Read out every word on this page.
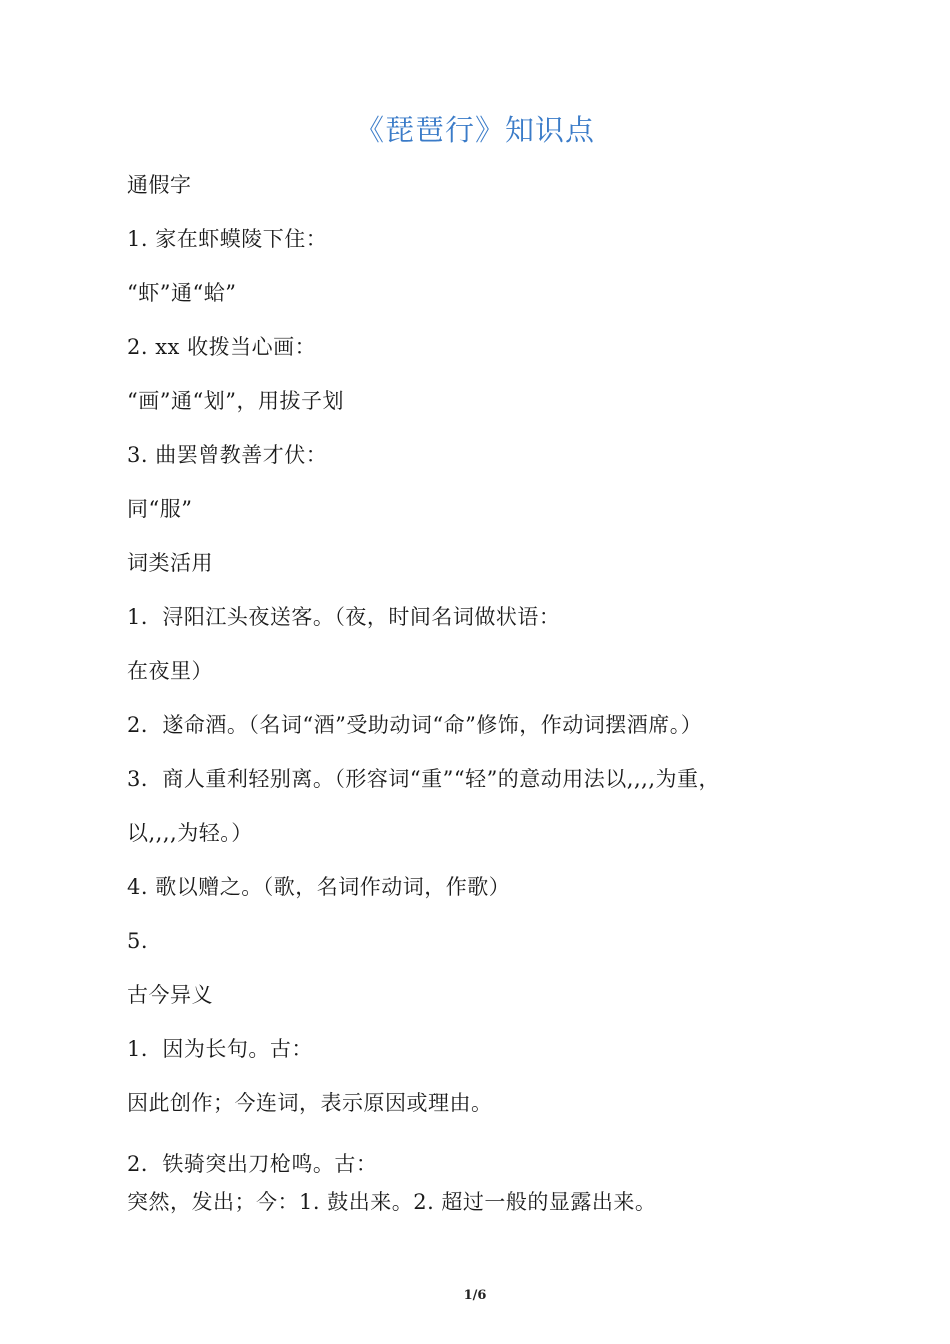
《琵琶行》知识点
通假字
1. 家在虾蟆陵下住：
“虾”通“蛤”
2. xx 收拨当心画：
“画”通“划”，用拔子划
3. 曲罢曾教善才伏：
同“服”
词类活用
1．浔阳江头夜送客。（夜，时间名词做状语：
在夜里）
2．遂命酒。（名词“酒”受助动词“命”修饰，作动词摆酒席。）
3．商人重利轻别离。（形容词“重”“轻”的意动用法以,,,,为重，
以,,,,为轻。）
4. 歌以赠之。（歌，名词作动词，作歌）
5.
古今异义
1．因为长句。古：
因此创作；今连词，表示原因或理由。
2．铁骑突出刀枪鸣。古：
突然，发出；今：1. 鼓出来。2. 超过一般的显露出来。
1/6
